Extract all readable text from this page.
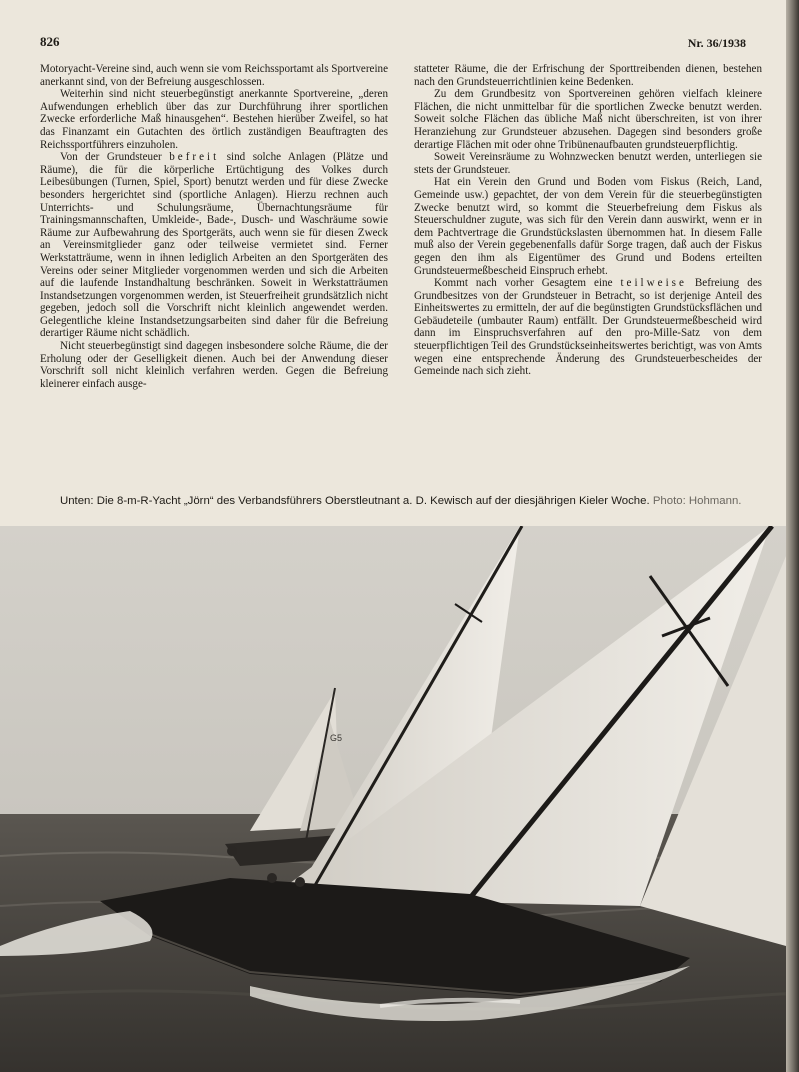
826	Nr. 36/1938

Motoryacht-Vereine sind, auch wenn sie vom Reichssportamt als Sportvereine anerkannt sind, von der Befreiung ausgeschlossen.

Weiterhin sind nicht steuerbegünstigt anerkannte Sportvereine, „deren Aufwendungen erheblich über das zur Durchführung ihrer sportlichen Zwecke erforderliche Maß hinausgehen“. Bestehen hierüber Zweifel, so hat das Finanzamt ein Gutachten des örtlich zuständigen Beauftragten des Reichssportführers einzuholen.

Von der Grundsteuer befreit sind solche Anlagen (Plätze und Räume), die für die körperliche Ertüchtigung des Volkes durch Leibesübungen (Turnen, Spiel, Sport) benutzt werden und für diese Zwecke besonders hergerichtet sind (sportliche Anlagen). Hierzu rechnen auch Unterrichts- und Schulungsräume, Übernachtungsräume für Trainingsmannschaften, Umkleide-, Bade-, Dusch- und Waschräume sowie Räume zur Aufbewahrung des Sportgeräts, auch wenn sie für diesen Zweck an Vereinsmitglieder ganz oder teilweise vermietet sind. Ferner Werkstatträume, wenn in ihnen lediglich Arbeiten an den Sportgeräten des Vereins oder seiner Mitglieder vorgenommen werden und sich die Arbeiten auf die laufende Instandhaltung beschränken. Soweit in Werkstatträumen Instandsetzungen vorgenommen werden, ist Steuerfreiheit grundsätzlich nicht gegeben, jedoch soll die Vorschrift nicht kleinlich angewendet werden. Gelegentliche kleine Instandsetzungsarbeiten sind daher für die Befreiung derartiger Räume nicht schädlich.

Nicht steuerbegünstigt sind dagegen insbesondere solche Räume, die der Erholung oder der Geselligkeit dienen. Auch bei der Anwendung dieser Vorschrift soll nicht kleinlich verfahren werden. Gegen die Befreiung kleinerer einfach ausge-

statteter Räume, die der Erfrischung der Sporttreibenden dienen, bestehen nach den Grundsteuerrichtlinien keine Bedenken.

Zu dem Grundbesitz von Sportvereinen gehören vielfach kleinere Flächen, die nicht unmittelbar für die sportlichen Zwecke benutzt werden. Soweit solche Flächen das übliche Maß nicht überschreiten, ist von ihrer Heranziehung zur Grundsteuer abzusehen. Dagegen sind besonders große derartige Flächen mit oder ohne Tribünenaufbauten grundsteuerpflichtig.

Soweit Vereinsräume zu Wohnzwecken benutzt werden, unterliegen sie stets der Grundsteuer.

Hat ein Verein den Grund und Boden vom Fiskus (Reich, Land, Gemeinde usw.) gepachtet, der von dem Verein für die steuerbegünstigten Zwecke benutzt wird, so kommt die Steuerbefreiung dem Fiskus als Steuerschuldner zugute, was sich für den Verein dann auswirkt, wenn er in dem Pachtvertrage die Grundstückslasten übernommen hat. In diesem Falle muß also der Verein gegebenenfalls dafür Sorge tragen, daß auch der Fiskus gegen den ihm als Eigentümer des Grund und Bodens erteilten Grundsteuermeßbescheid Einspruch erhebt.

Kommt nach vorher Gesagtem eine teilweise Befreiung des Grundbesitzes von der Grundsteuer in Betracht, so ist derjenige Anteil des Einheitswertes zu ermitteln, der auf die begünstigten Grundstücksflächen und Gebäudeteile (umbauter Raum) entfällt. Der Grundsteuermeßbescheid wird dann im Einspruchsverfahren auf den pro-Mille-Satz von dem steuerpflichtigen Teil des Grundstückseinheitswertes berichtigt, was von Amts wegen eine entsprechende Änderung des Grundsteuerbescheides der Gemeinde nach sich zieht.

Unten: Die 8-m-R-Yacht „Jörn“ des Verbandsführers Oberstleutnant a. D. Kewisch auf der diesjährigen Kieler Woche. Photo: Hohmann.
G5
